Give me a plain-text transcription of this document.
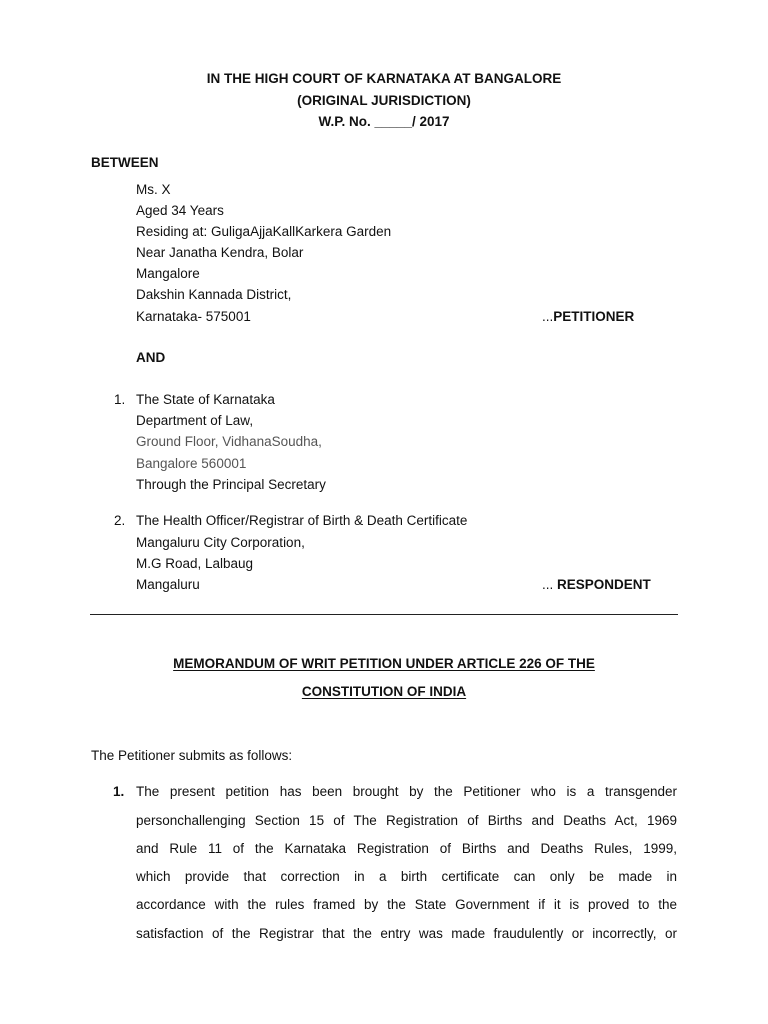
IN THE HIGH COURT OF KARNATAKA AT BANGALORE
(ORIGINAL JURISDICTION)
W.P. No. _____/ 2017
BETWEEN
Ms. X
Aged 34 Years
Residing at: GuligaAjjaKallKarkera Garden
Near Janatha Kendra, Bolar
Mangalore
Dakshin Kannada District,
Karnataka- 575001	...PETITIONER
AND
1. The State of Karnataka
Department of Law,
Ground Floor, VidhanaSoudha,
Bangalore 560001
Through the Principal Secretary
2. The Health Officer/Registrar of Birth & Death Certificate
Mangaluru City Corporation,
M.G Road, Lalbaug
Mangaluru	... RESPONDENT
MEMORANDUM OF WRIT PETITION UNDER ARTICLE 226 OF THE
CONSTITUTION OF INDIA
The Petitioner submits as follows:
1. The present petition has been brought by the Petitioner who is a transgender
personchallenging Section 15 of The Registration of Births and Deaths Act, 1969
and Rule 11 of the Karnataka Registration of Births and Deaths Rules, 1999,
which provide that correction in a birth certificate can only be made in
accordance with the rules framed by the State Government if it is proved to the
satisfaction of the Registrar that the entry was made fraudulently or incorrectly, or
